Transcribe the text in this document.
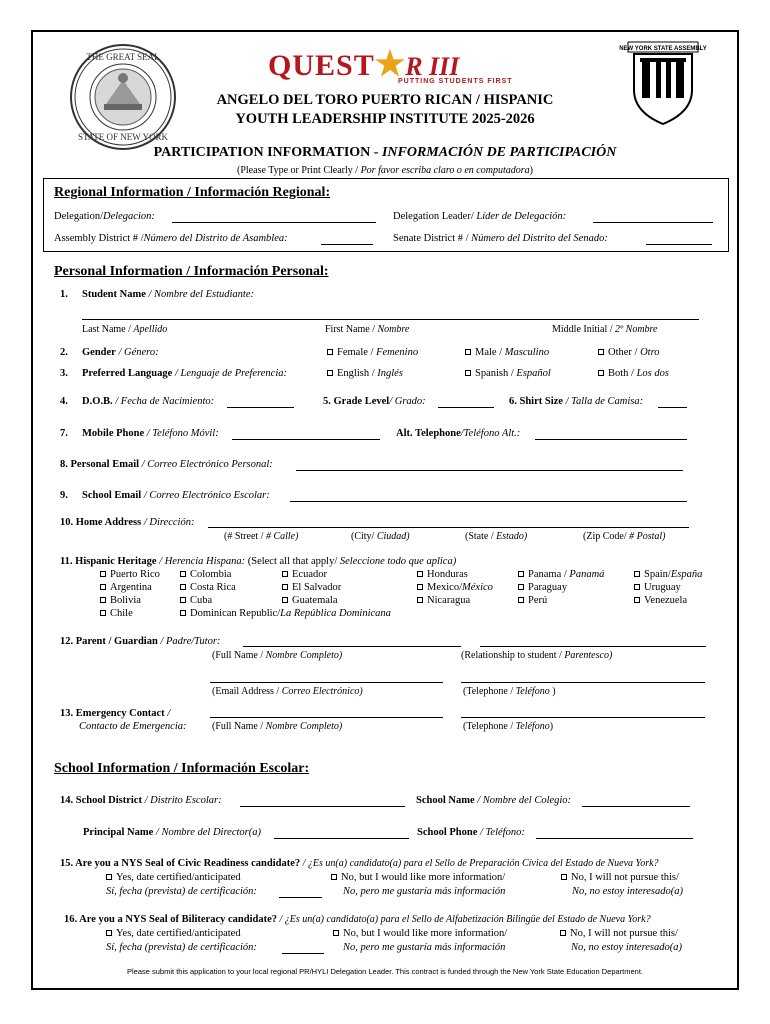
THE GREAT SEAL
STATE OF NEW YORK
QUEST★R III
PUTTING STUDENTS FIRST
NEW YORK STATE ASSEMBLY
ANGELO DEL TORO PUERTO RICAN / HISPANIC
YOUTH LEADERSHIP INSTITUTE 2025-2026
PARTICIPATION INFORMATION - INFORMACIÓN DE PARTICIPACIÓN
(Please Type or Print Clearly / Por favor escriba claro o en computadora)
Regional Information / Información Regional:
Delegation/Delegacion:	Delegation Leader/ Líder de Delegación:
Assembly District # /Número del Distrito de Asamblea:	Senate District # / Número del Distrito del Senado:
Personal Information / Información Personal:
1. Student Name / Nombre del Estudiante:
Last Name / Apellido	First Name / Nombre	Middle Initial / 2º Nombre
2. Gender / Género:	Female / Femenino	Male / Masculino	Other / Otro
3. Preferred Language / Lenguaje de Preferencia:	English / Inglés	Spanish / Español	Both / Los dos
4. D.O.B. / Fecha de Nacimiento:	5. Grade Level/ Grado:	6. Shirt Size / Talla de Camisa:
7. Mobile Phone / Teléfono Móvil:	Alt. Telephone/Teléfono Alt.:
8. Personal Email / Correo Electrónico Personal:
9. School Email / Correo Electrónico Escolar:
10. Home Address / Dirección:
(# Street / # Calle)	(City/ Ciudad)	(State / Estado)	(Zip Code/ # Postal)
11. Hispanic Heritage / Herencia Hispana: (Select all that apply/ Seleccione todo que aplica)
Puerto Rico
Argentina
Bolivia
Chile
Colombia
Costa Rica
Cuba
Dominican Republic/La República Dominicana
Ecuador
El Salvador
Guatemala
Honduras
Mexico/México
Nicaragua
Panama / Panamá
Paraguay
Perú
Spain/España
Uruguay
Venezuela
12. Parent / Guardian / Padre/Tutor:
(Full Name / Nombre Completo)	(Relationship to student / Parentesco)
(Email Address / Correo Electrónico)	(Telephone / Teléfono )
13. Emergency Contact /
Contacto de Emergencia:	(Full Name / Nombre Completo)	(Telephone / Teléfono)
School Information / Información Escolar:
14. School District / Distrito Escolar:	School Name / Nombre del Colegio:
Principal Name / Nombre del Director(a)	School Phone / Teléfono:
15. Are you a NYS Seal of Civic Readiness candidate? / ¿Es un(a) candidato(a) para el Sello de Preparación Cívica del Estado de Nueva York?
Yes, date certified/anticipated
Sí, fecha (prevista) de certificación:
No, but I would like more information/
No, pero me gustaría más información
No, I will not pursue this/
No, no estoy interesado(a)
16. Are you a NYS Seal of Biliteracy candidate? / ¿Es un(a) candidato(a) para el Sello de Alfabetización Bilingüe del Estado de Nueva York?
Yes, date certified/anticipated
Sí, fecha (prevista) de certificación:
No, but I would like more information/
No, pero me gustaría más información
No, I will not pursue this/
No, no estoy interesado(a)
Please submit this application to your local regional PR/HYLI Delegation Leader. This contract is funded through the New York State Education Department.
